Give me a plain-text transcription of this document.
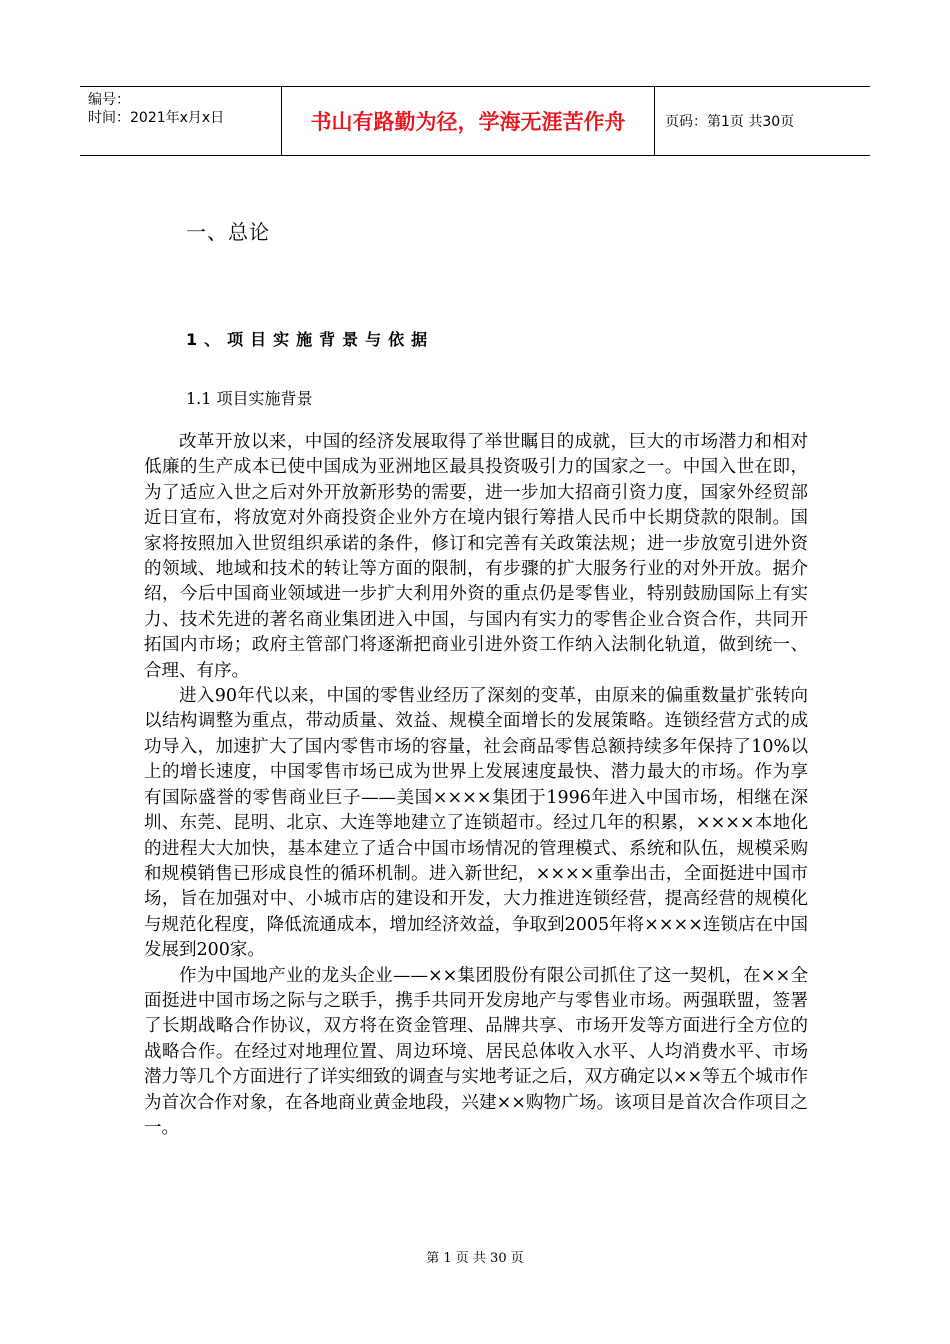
编号：
时间：2021年x月x日	书山有路勤为径，学海无涯苦作舟	页码：第1页 共30页
一、总论
1、项目实施背景与依据
1.1 项目实施背景

改革开放以来，中国的经济发展取得了举世瞩目的成就，巨大的市场潜力和相对低廉的生产成本已使中国成为亚洲地区最具投资吸引力的国家之一。中国入世在即，为了适应入世之后对外开放新形势的需要，进一步加大招商引资力度，国家外经贸部近日宣布，将放宽对外商投资企业外方在境内银行筹措人民币中长期贷款的限制。国家将按照加入世贸组织承诺的条件，修订和完善有关政策法规；进一步放宽引进外资的领域、地域和技术的转让等方面的限制，有步骤的扩大服务行业的对外开放。据介绍，今后中国商业领域进一步扩大利用外资的重点仍是零售业，特别鼓励国际上有实力、技术先进的著名商业集团进入中国，与国内有实力的零售企业合资合作，共同开拓国内市场；政府主管部门将逐渐把商业引进外资工作纳入法制化轨道，做到统一、合理、有序。

进入90年代以来，中国的零售业经历了深刻的变革，由原来的偏重数量扩张转向以结构调整为重点，带动质量、效益、规模全面增长的发展策略。连锁经营方式的成功导入，加速扩大了国内零售市场的容量，社会商品零售总额持续多年保持了10%以上的增长速度，中国零售市场已成为世界上发展速度最快、潜力最大的市场。作为享有国际盛誉的零售商业巨子——美国××××集团于1996年进入中国市场，相继在深圳、东莞、昆明、北京、大连等地建立了连锁超市。经过几年的积累，××××本地化的进程大大加快，基本建立了适合中国市场情况的管理模式、系统和队伍，规模采购和规模销售已形成良性的循环机制。进入新世纪，××××重拳出击，全面挺进中国市场，旨在加强对中、小城市店的建设和开发，大力推进连锁经营，提高经营的规模化与规范化程度，降低流通成本，增加经济效益，争取到2005年将××××连锁店在中国发展到200家。

作为中国地产业的龙头企业——××集团股份有限公司抓住了这一契机，在××全面挺进中国市场之际与之联手，携手共同开发房地产与零售业市场。两强联盟，签署了长期战略合作协议，双方将在资金管理、品牌共享、市场开发等方面进行全方位的战略合作。在经过对地理位置、周边环境、居民总体收入水平、人均消费水平、市场潜力等几个方面进行了详实细致的调查与实地考证之后，双方确定以××等五个城市作为首次合作对象，在各地商业黄金地段，兴建××购物广场。该项目是首次合作项目之一。

第 1 页 共 30 页
